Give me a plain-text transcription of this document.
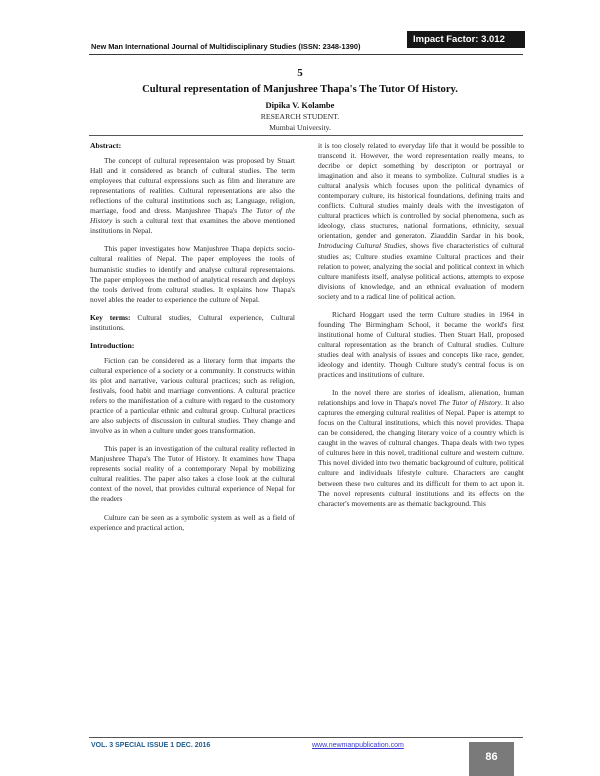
Impact Factor: 3.012
New Man International Journal of Multidisciplinary Studies (ISSN: 2348-1390)
5
Cultural representation of Manjushree Thapa's The Tutor Of History.
Dipika V. Kolambe
RESEARCH STUDENT.
Mumbai University.
Abstract:

The concept of cultural representaion was proposed by Stuart Hall and it considered as branch of cultural studies. The term employees that cultural expressions such as film and literature are representations of realities. Cultural representations are also the reflections of the cultural institutions such as; Language, religion, marriage, food and dress. Manjushree Thapa's The Tutor of the History is such a cultural text that examines the above mentioned institutions in Nepal.

This paper investigates how Manjushree Thapa depicts socio- cultural realities of Nepal. The paper employees the tools of humanistic studies to identify and analyse cultural representaions. The paper employees the method of analytical research and deploys the tools derived from cultural studies. It explains how Thapa's novel ables the reader to experience the culture of Nepal.

Key terms: Cultural studies, Cultural experience, Cultural institutions.

Introduction:

Fiction can be considered as a literary form that imparts the cultural experience of a society or a community. It constructs within its plot and narrative, various cultural practices; such as religion, festivals, food habit and marriage conventions. A cultural practice refers to the manifestation of a culture with regard to the customory practice of a particular ethnic and cultural group. Cultural practices are also subjects of discussion in cultural studies. They change and involve as in when a culture under goes transformation.

This paper is an investigation of the cultural reality reflected in Manjushree Thapa's The Tutor of History. It examines how Thapa represents social reality of a contemporary Nepal by mobilizing cultural realities. The paper also takes a close look at the cultural context of the novel, that provides cultural experience of Nepal for the readers

Culture can be seen as a symbolic system as well as a field of experience and practical action,

it is too closely related to everyday life that it would be possible to transcend it. However, the word representation really means, to decribe or depict something by descripton or portrayal or imagination and also it means to symbolize. Cultural studies is a cultural analysis which focuses upon the political dynamics of contemporary culture, its historical foundations, defining traits and conflicts. Cultural studies mainly deals with the investigaton of cultural practices which is controlled by social phenomena, such as ideology, class stuctures, national formations, ethnicity, sexual orientation, gender and generaton. Ziauddin Sardar in his book, Introducing Cultural Studies, shows five characteristics of cultural studies as; Culture studies examine Cultural practices and their relation to power, analyzing the social and political context in which culture manifests itself, analyse political actions, attempts to expose divisions of knowledge, and an ethnical evaluation of modern society and to a radical line of political action.

Richard Hoggart used the term Culture studies in 1964 in founding The Birmingham School, it became the world's first institutional home of Cultural studies. Then Stuart Hall, proposed cultural representation as the branch of Cultural studies. Culture studies deal with analysis of issues and concepts like race, gender, ideology and identity. Though Culture study's central focus is on practices and institutions of culture.

In the novel there are stories of idealism, alienation, human relationships and love in Thapa's novel The Tutor of History. It also captures the emerging cultural realities of Nepal. Paper is attempt to focus on the Cultural institutions, which this novel provides. Thapa can be considered, the changing literary voice of a country which is caught in the waves of cultural changes. Thapa deals with two types of cultures here in this novel, traditional culture and western culture. This novel divided into two thematic background of culture, political culture and individuals lifestyle culture. Characters are caught between these two cultures and its difficult for them to act upon it. The novel represents cultural institutions and its effects on the character's movements are as thematic background. This

VOL. 3 SPECIAL ISSUE 1 DEC. 2016	www.newmanpublication.com
86
